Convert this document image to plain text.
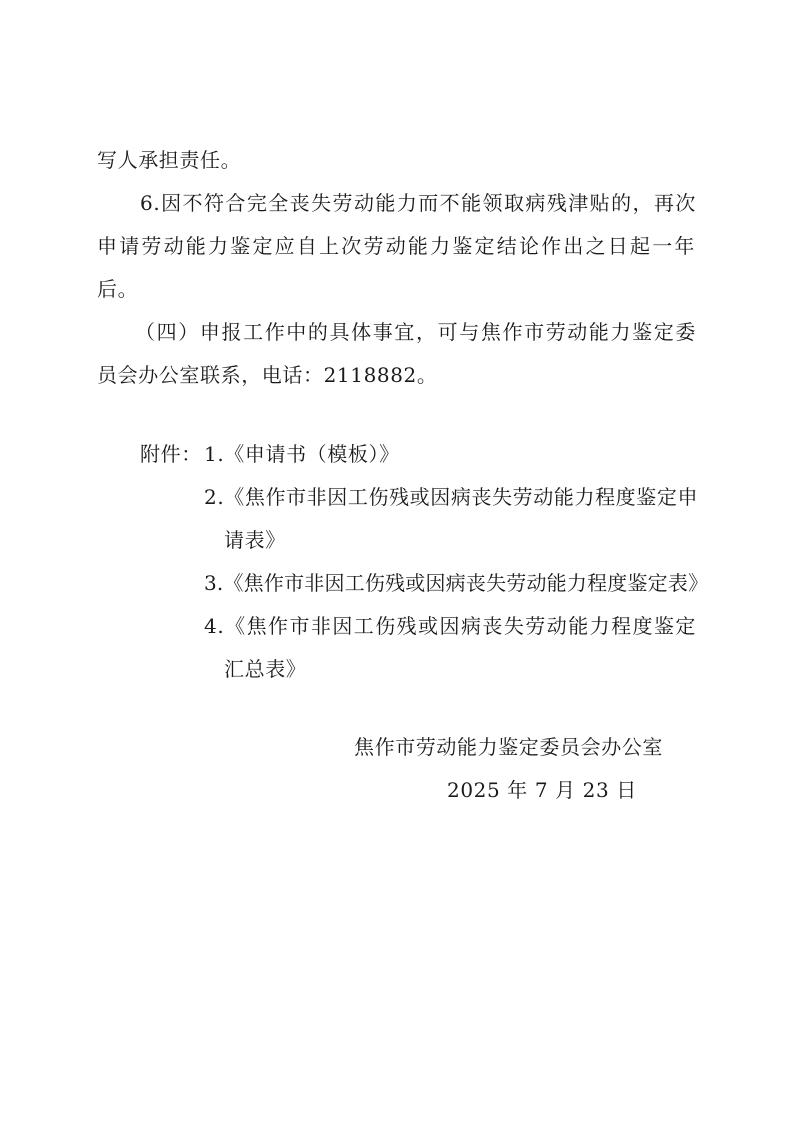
写人承担责任。
6.因不符合完全丧失劳动能力而不能领取病残津贴的，再次
申请劳动能力鉴定应自上次劳动能力鉴定结论作出之日起一年
后。
（四）申报工作中的具体事宜，可与焦作市劳动能力鉴定委
员会办公室联系，电话：2118882。
附件： 1.《申请书（模板）》
2.《焦作市非因工伤残或因病丧失劳动能力程度鉴定申
请表》
3.《焦作市非因工伤残或因病丧失劳动能力程度鉴定表》
4.《焦作市非因工伤残或因病丧失劳动能力程度鉴定
汇总表》
焦作市劳动能力鉴定委员会办公室
2025 年 7 月 23 日
